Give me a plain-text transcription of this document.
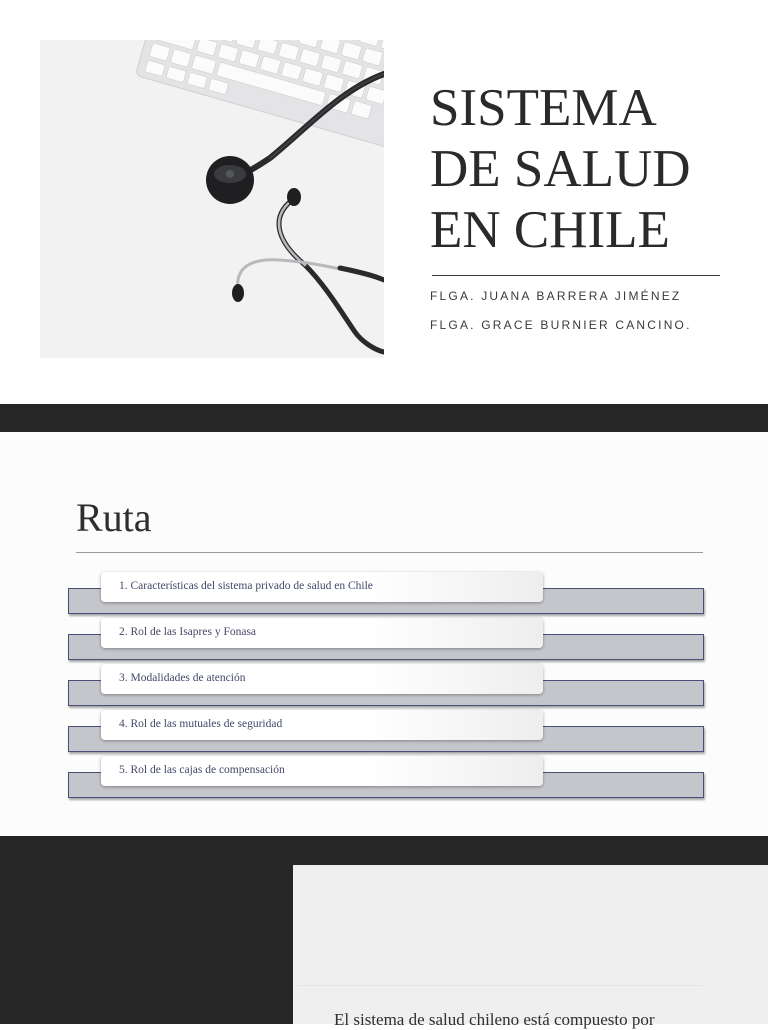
SISTEMA
DE SALUD
EN CHILE
FLGA. JUANA BARRERA JIMÉNEZ
FLGA. GRACE BURNIER CANCINO.
Ruta
1. Características del sistema privado de salud en Chile
2. Rol de las Isapres y Fonasa
3. Modalidades de atención
4. Rol de las mutuales de seguridad
5. Rol de las cajas de compensación
El sistema de salud chileno está compuesto por
